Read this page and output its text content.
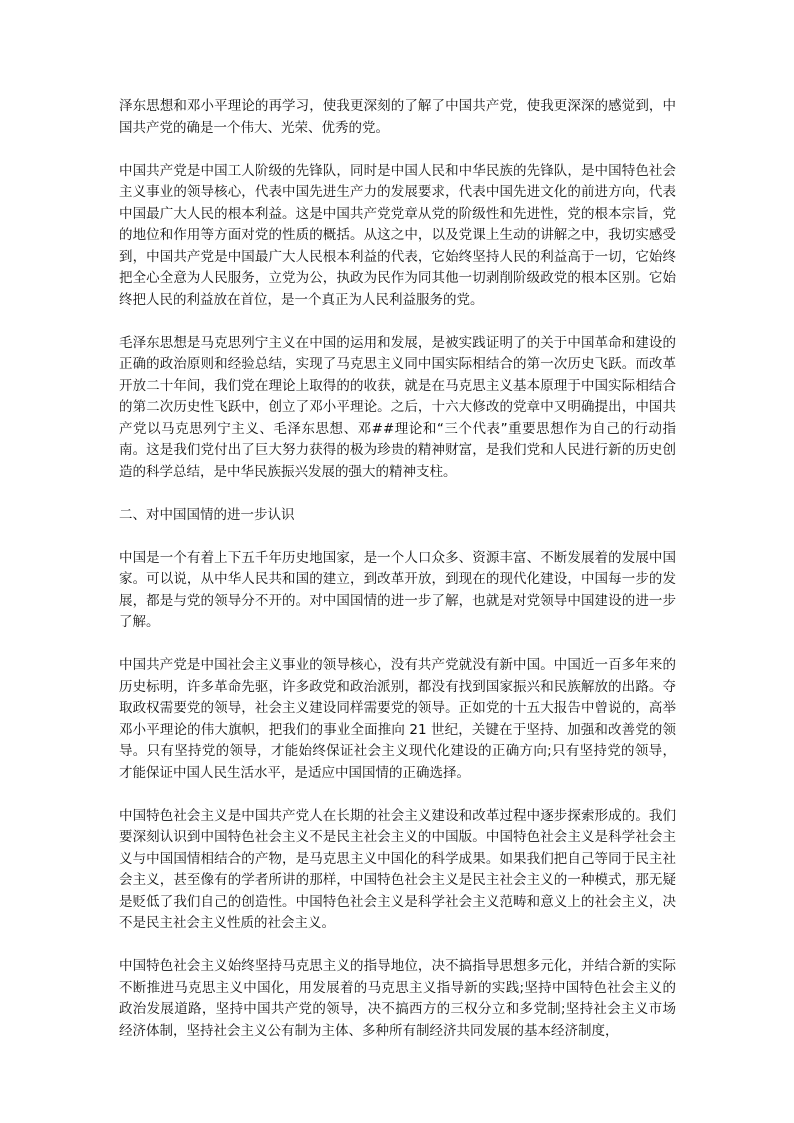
泽东思想和邓小平理论的再学习，使我更深刻的了解了中国共产党，使我更深深的感觉到，中国共产党的确是一个伟大、光荣、优秀的党。

中国共产党是中国工人阶级的先锋队，同时是中国人民和中华民族的先锋队，是中国特色社会主义事业的领导核心，代表中国先进生产力的发展要求，代表中国先进文化的前进方向，代表中国最广大人民的根本利益。这是中国共产党党章从党的阶级性和先进性，党的根本宗旨，党的地位和作用等方面对党的性质的概括。从这之中，以及党课上生动的讲解之中，我切实感受到，中国共产党是中国最广大人民根本利益的代表，它始终坚持人民的利益高于一切，它始终把全心全意为人民服务，立党为公，执政为民作为同其他一切剥削阶级政党的根本区别。它始终把人民的利益放在首位，是一个真正为人民利益服务的党。

毛泽东思想是马克思列宁主义在中国的运用和发展，是被实践证明了的关于中国革命和建设的正确的政治原则和经验总结，实现了马克思主义同中国实际相结合的第一次历史飞跃。而改革开放二十年间，我们党在理论上取得的的收获，就是在马克思主义基本原理于中国实际相结合的第二次历史性飞跃中，创立了邓小平理论。之后，十六大修改的党章中又明确提出，中国共产党以马克思列宁主义、毛泽东思想、邓##理论和“三个代表”重要思想作为自己的行动指南。这是我们党付出了巨大努力获得的极为珍贵的精神财富，是我们党和人民进行新的历史创造的科学总结，是中华民族振兴发展的强大的精神支柱。

二、对中国国情的进一步认识

中国是一个有着上下五千年历史地国家，是一个人口众多、资源丰富、不断发展着的发展中国家。可以说，从中华人民共和国的建立，到改革开放，到现在的现代化建设，中国每一步的发展，都是与党的领导分不开的。对中国国情的进一步了解，也就是对党领导中国建设的进一步了解。

中国共产党是中国社会主义事业的领导核心，没有共产党就没有新中国。中国近一百多年来的历史标明，许多革命先驱，许多政党和政治派别，都没有找到国家振兴和民族解放的出路。夺取政权需要党的领导，社会主义建设同样需要党的领导。正如党的十五大报告中曾说的，高举邓小平理论的伟大旗帜，把我们的事业全面推向 21 世纪，关键在于坚持、加强和改善党的领导。只有坚持党的领导，才能始终保证社会主义现代化建设的正确方向;只有坚持党的领导，才能保证中国人民生活水平，是适应中国国情的正确选择。

中国特色社会主义是中国共产党人在长期的社会主义建设和改革过程中逐步探索形成的。我们要深刻认识到中国特色社会主义不是民主社会主义的中国版。中国特色社会主义是科学社会主义与中国国情相结合的产物，是马克思主义中国化的科学成果。如果我们把自己等同于民主社会主义，甚至像有的学者所讲的那样，中国特色社会主义是民主社会主义的一种模式，那无疑是贬低了我们自己的创造性。中国特色社会主义是科学社会主义范畴和意义上的社会主义，决不是民主社会主义性质的社会主义。

中国特色社会主义始终坚持马克思主义的指导地位，决不搞指导思想多元化，并结合新的实际不断推进马克思主义中国化，用发展着的马克思主义指导新的实践;坚持中国特色社会主义的政治发展道路，坚持中国共产党的领导，决不搞西方的三权分立和多党制;坚持社会主义市场经济体制，坚持社会主义公有制为主体、多种所有制经济共同发展的基本经济制度，
